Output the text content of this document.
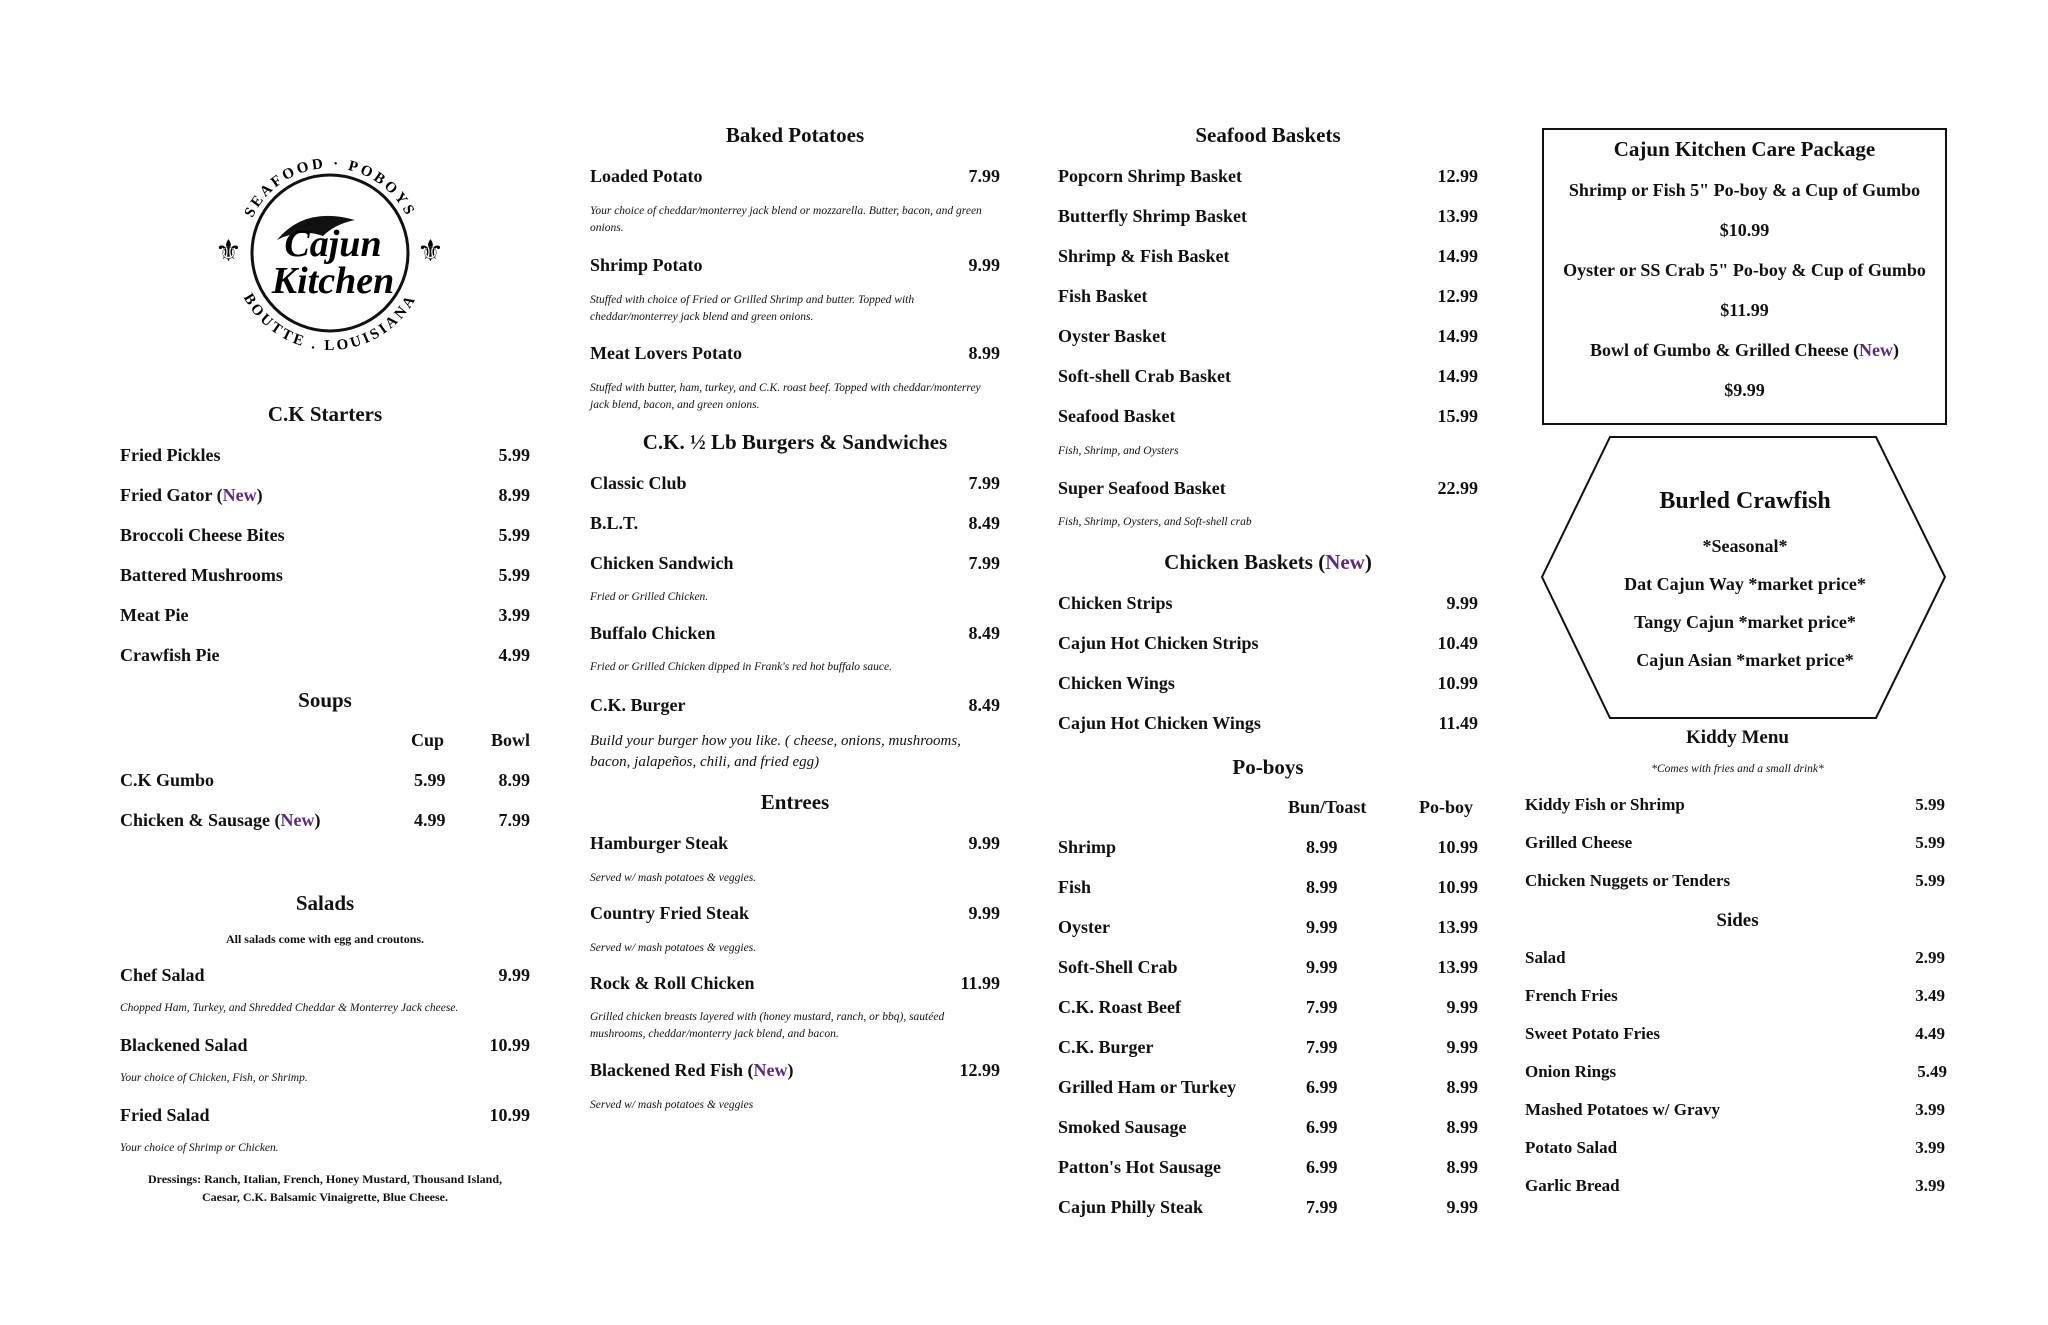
SEAFOOD · POBOYS
BOUTTE . LOUISIANA
⚜	⚜
Cajun
Kitchen
C.K Starters
Fried Pickles	5.99
Fried Gator (New)	8.99
Broccoli Cheese Bites	5.99
Battered Mushrooms	5.99
Meat Pie	3.99
Crawfish Pie	4.99
Soups
Cup	Bowl
C.K Gumbo	5.99	8.99
Chicken & Sausage (New)	4.99	7.99
Salads
All salads come with egg and croutons.
Chef Salad	9.99
Chopped Ham, Turkey, and Shredded Cheddar & Monterrey Jack cheese.
Blackened Salad	10.99
Your choice of Chicken, Fish, or Shrimp.
Fried Salad	10.99
Your choice of Shrimp or Chicken.
Dressings: Ranch, Italian, French, Honey Mustard, Thousand Island, Caesar, C.K. Balsamic Vinaigrette, Blue Cheese.
Baked Potatoes
Loaded Potato	7.99
Your choice of cheddar/monterrey jack blend or mozzarella. Butter, bacon, and green onions.
Shrimp Potato	9.99
Stuffed with choice of Fried or Grilled Shrimp and butter. Topped with cheddar/monterrey jack blend and green onions.
Meat Lovers Potato	8.99
Stuffed with butter, ham, turkey, and C.K. roast beef. Topped with cheddar/monterrey jack blend, bacon, and green onions.
C.K. ½ Lb Burgers & Sandwiches
Classic Club	7.99
B.L.T.	8.49
Chicken Sandwich	7.99
Fried or Grilled Chicken.
Buffalo Chicken	8.49
Fried or Grilled Chicken dipped in Frank's red hot buffalo sauce.
C.K. Burger	8.49
Build your burger how you like. ( cheese, onions, mushrooms, bacon, jalapeños, chili, and fried egg)
Entrees
Hamburger Steak	9.99
Served w/ mash potatoes & veggies.
Country Fried Steak	9.99
Served w/ mash potatoes & veggies.
Rock & Roll Chicken	11.99
Grilled chicken breasts layered with (honey mustard, ranch, or bbq), sautéed mushrooms, cheddar/monterry jack blend, and bacon.
Blackened Red Fish (New)	12.99
Served w/ mash potatoes & veggies
Seafood Baskets
Popcorn Shrimp Basket	12.99
Butterfly Shrimp Basket	13.99
Shrimp & Fish Basket	14.99
Fish Basket	12.99
Oyster Basket	14.99
Soft-shell Crab Basket	14.99
Seafood Basket	15.99
Fish, Shrimp, and Oysters
Super Seafood Basket	22.99
Fish, Shrimp, Oysters, and Soft-shell crab
Chicken Baskets (New)
Chicken Strips	9.99
Cajun Hot Chicken Strips	10.49
Chicken Wings	10.99
Cajun Hot Chicken Wings	11.49
Po-boys
Bun/Toast	Po-boy
Shrimp	8.99	10.99
Fish	8.99	10.99
Oyster	9.99	13.99
Soft-Shell Crab	9.99	13.99
C.K. Roast Beef	7.99	9.99
C.K. Burger	7.99	9.99
Grilled Ham or Turkey	6.99	8.99
Smoked Sausage	6.99	8.99
Patton's Hot Sausage	6.99	8.99
Cajun Philly Steak	7.99	9.99
Cajun Kitchen Care Package
Shrimp or Fish 5" Po-boy & a Cup of Gumbo
$10.99
Oyster or SS Crab 5" Po-boy & Cup of Gumbo
$11.99
Bowl of Gumbo & Grilled Cheese (New)
$9.99
Burled Crawfish
*Seasonal*
Dat Cajun Way *market price*
Tangy Cajun *market price*
Cajun Asian *market price*
Kiddy Menu
*Comes with fries and a small drink*
Kiddy Fish or Shrimp	5.99
Grilled Cheese	5.99
Chicken Nuggets or Tenders	5.99
Sides
Salad	2.99
French Fries	3.49
Sweet Potato Fries	4.49
Onion Rings	5.49
Mashed Potatoes w/ Gravy	3.99
Potato Salad	3.99
Garlic Bread	3.99
